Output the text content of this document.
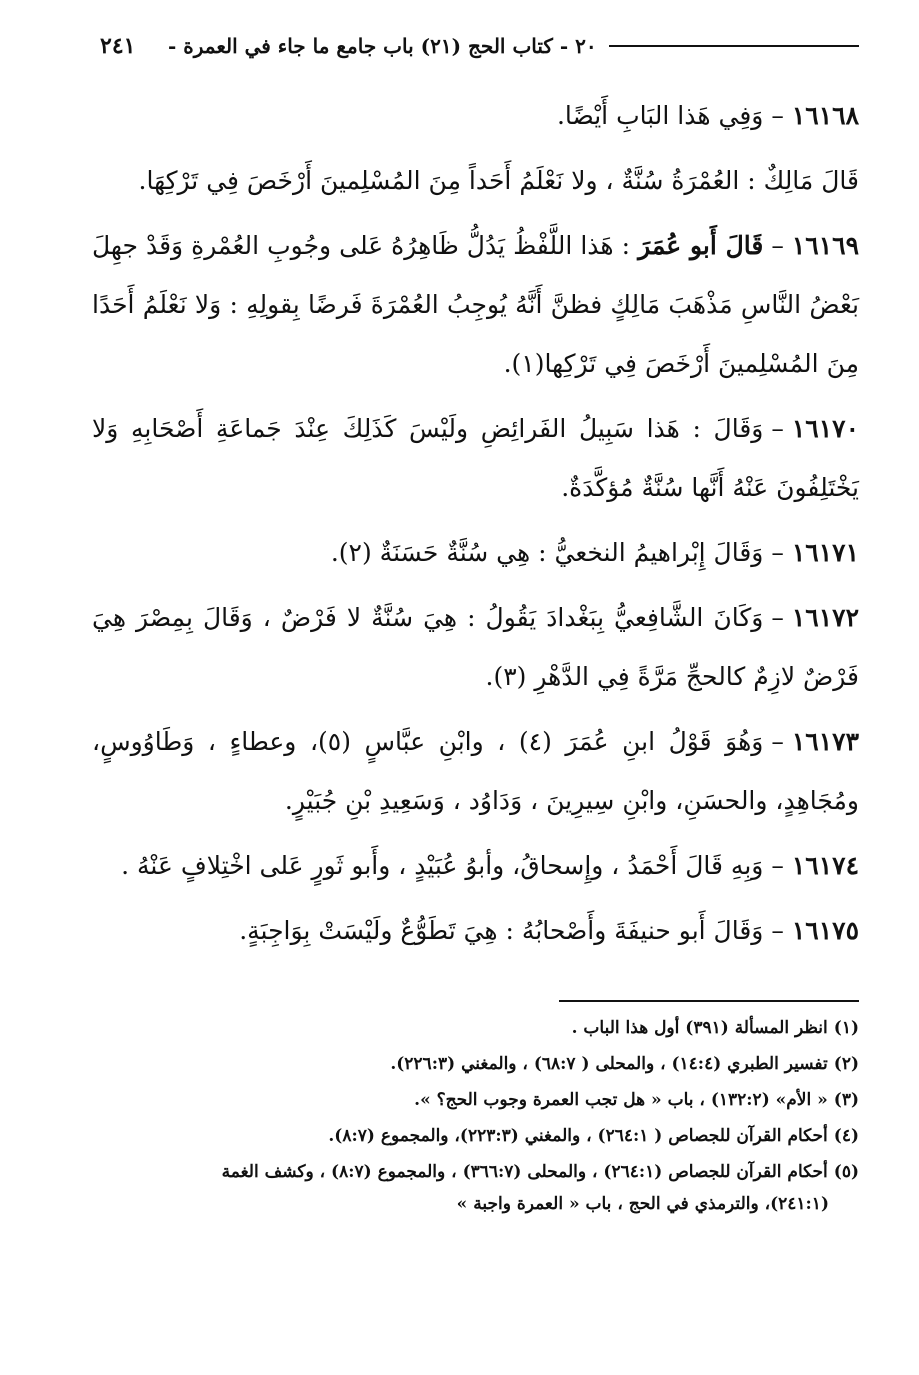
٢٤١	٢٠ - كتاب الحج (٢١) باب جامع ما جاء في العمرة -

١٦١٦٨–وَفِي هَذا البَابِ أَيْضًا.

قَالَ مَالِكٌ : العُمْرَةُ سُنَّةٌ ، ولا نَعْلَمُ أَحَداً مِنَ المُسْلِمينَ أَرْخَصَ فِي تَرْكِهَا.

١٦١٦٩–قَالَ أَبو عُمَرَ : هَذا اللَّفْظُ يَدُلُّ ظَاهِرُهُ عَلى وجُوبِ العُمْرةِ وَقَدْ جهِلَ بَعْضُ النَّاسِ مَذْهَبَ مَالِكٍ فظنَّ أَنَّهُ يُوجِبُ العُمْرَةَ فَرضًا بِقولِهِ : وَلا نَعْلَمُ أَحَدًا مِنَ المُسْلِمينَ أَرْخَصَ فِي تَرْكِها(١).

١٦١٧٠–وَقَالَ : هَذا سَبِيلُ الفَرائِضِ ولَيْسَ كَذَلِكَ عِنْدَ جَماعَةِ أَصْحَابِهِ وَلا يَخْتَلِفُونَ عَنْهُ أَنَّها سُنَّةٌ مُؤكَّدَةٌ.

١٦١٧١–وَقَالَ إِبْراهيمُ النخعيُّ : هِي سُنَّةٌ حَسَنَةٌ (٢).

١٦١٧٢–وَكَانَ الشَّافِعيُّ بِبَغْدادَ يَقُولُ : هِيَ سُنَّةٌ لا فَرْضٌ ، وَقَالَ بِمِصْرَ هِيَ فَرْضٌ لازِمٌ كالحجِّ مَرَّةً فِي الدَّهْرِ (٣).

١٦١٧٣–وَهُوَ قَوْلُ ابنِ عُمَرَ (٤) ، وابْنِ عبَّاسٍ (٥)، وعطاءٍ ، وَطَاوُوسٍ، ومُجَاهِدٍ، والحسَنِ، وابْنِ سِيرِينَ ، وَدَاوُد ، وَسَعِيدِ بْنِ جُبَيْرٍ.

١٦١٧٤–وَبِهِ قَالَ أَحْمَدُ ، وإِسحاقُ، وأبوُ عُبَيْدٍ ، وأَبو ثَورٍ عَلى اخْتِلافٍ عَنْهُ .

١٦١٧٥–وَقَالَ أَبو حنيفَةَ وأَصْحابُهُ : هِيَ تَطَوُّعٌ ولَيْسَتْ بِوَاجِبَةٍ.

(١)انظر المسألة (٣٩١) أول هذا الباب .

(٢)تفسير الطبري (١٤:٤) ، والمحلى ( ٦٨:٧) ، والمغني (٢٢٦:٣).

(٣)« الأم» (١٣٢:٢) ، باب « هل تجب العمرة وجوب الحج؟ ».

(٤)أحكام القرآن للجصاص ( ٢٦٤:١) ، والمغني (٢٢٣:٣)، والمجموع (٨:٧).

(٥)أحكام القرآن للجصاص (٢٦٤:١) ، والمحلى (٣٦٦:٧) ، والمجموع (٨:٧) ، وكشف الغمة
(٢٤١:١)، والترمذي في الحج ، باب « العمرة واجبة »
